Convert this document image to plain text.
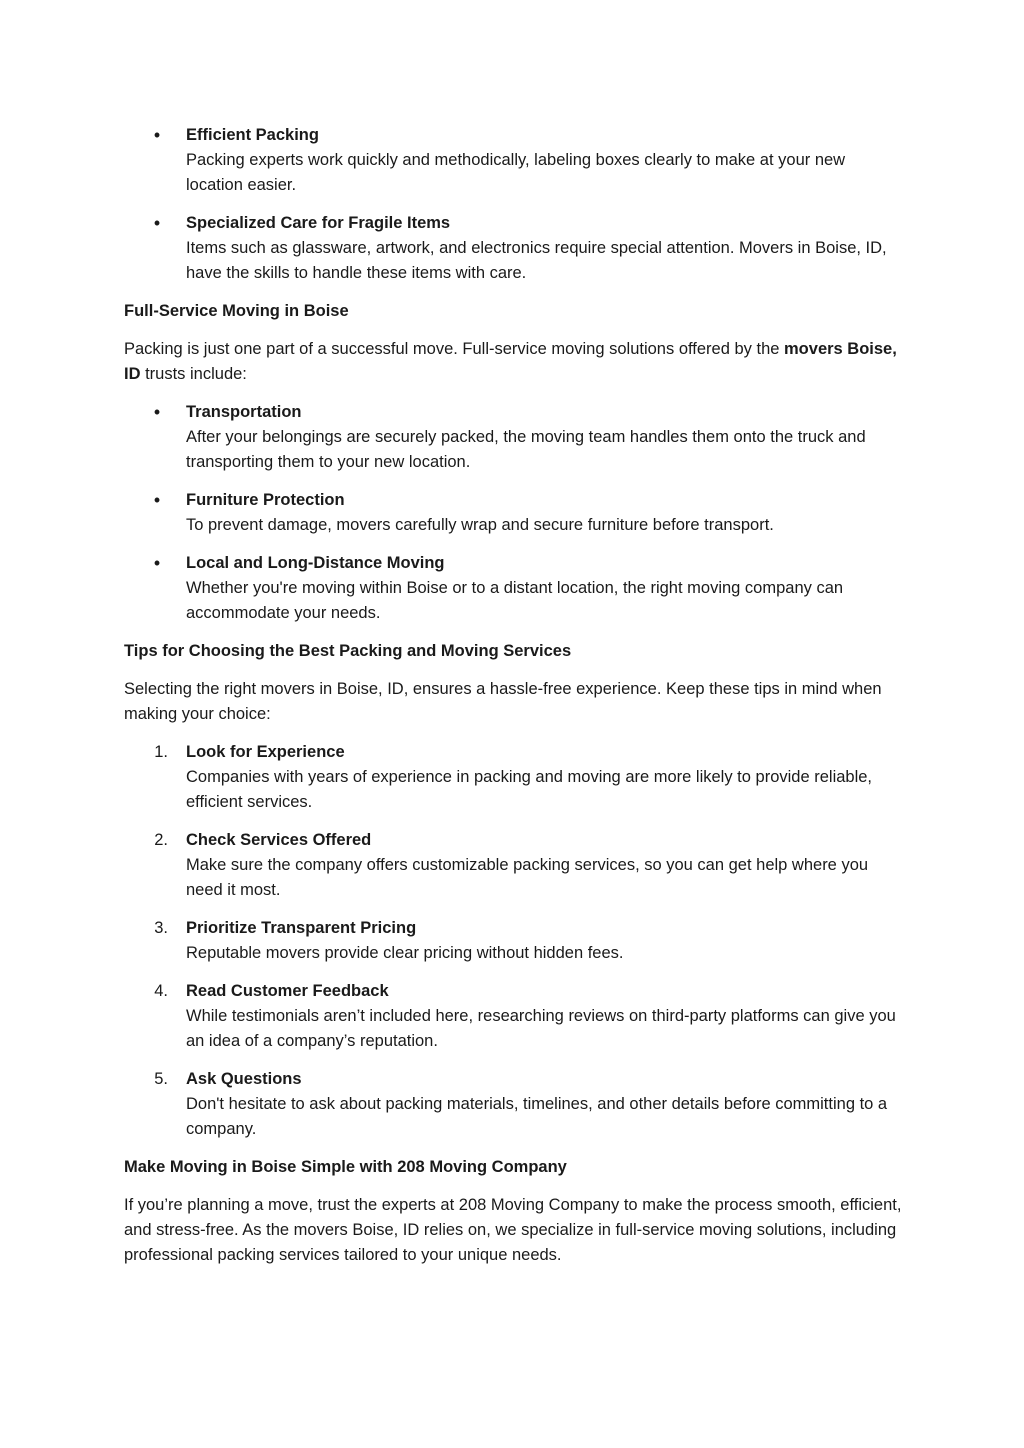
• Efficient Packing
Packing experts work quickly and methodically, labeling boxes clearly to make at your new location easier.
• Specialized Care for Fragile Items
Items such as glassware, artwork, and electronics require special attention. Movers in Boise, ID, have the skills to handle these items with care.
Full-Service Moving in Boise

Packing is just one part of a successful move. Full-service moving solutions offered by the movers Boise, ID trusts include:

• Transportation
After your belongings are securely packed, the moving team handles them onto the truck and transporting them to your new location.
• Furniture Protection
To prevent damage, movers carefully wrap and secure furniture before transport.
• Local and Long-Distance Moving
Whether you're moving within Boise or to a distant location, the right moving company can accommodate your needs.
Tips for Choosing the Best Packing and Moving Services

Selecting the right movers in Boise, ID, ensures a hassle-free experience. Keep these tips in mind when making your choice:

1. Look for Experience
Companies with years of experience in packing and moving are more likely to provide reliable, efficient services.
2. Check Services Offered
Make sure the company offers customizable packing services, so you can get help where you need it most.
3. Prioritize Transparent Pricing
Reputable movers provide clear pricing without hidden fees.
4. Read Customer Feedback
While testimonials aren’t included here, researching reviews on third-party platforms can give you an idea of a company’s reputation.
5. Ask Questions
Don't hesitate to ask about packing materials, timelines, and other details before committing to a company.
Make Moving in Boise Simple with 208 Moving Company

If you’re planning a move, trust the experts at 208 Moving Company to make the process smooth, efficient, and stress-free. As the movers Boise, ID relies on, we specialize in full-service moving solutions, including professional packing services tailored to your unique needs.
